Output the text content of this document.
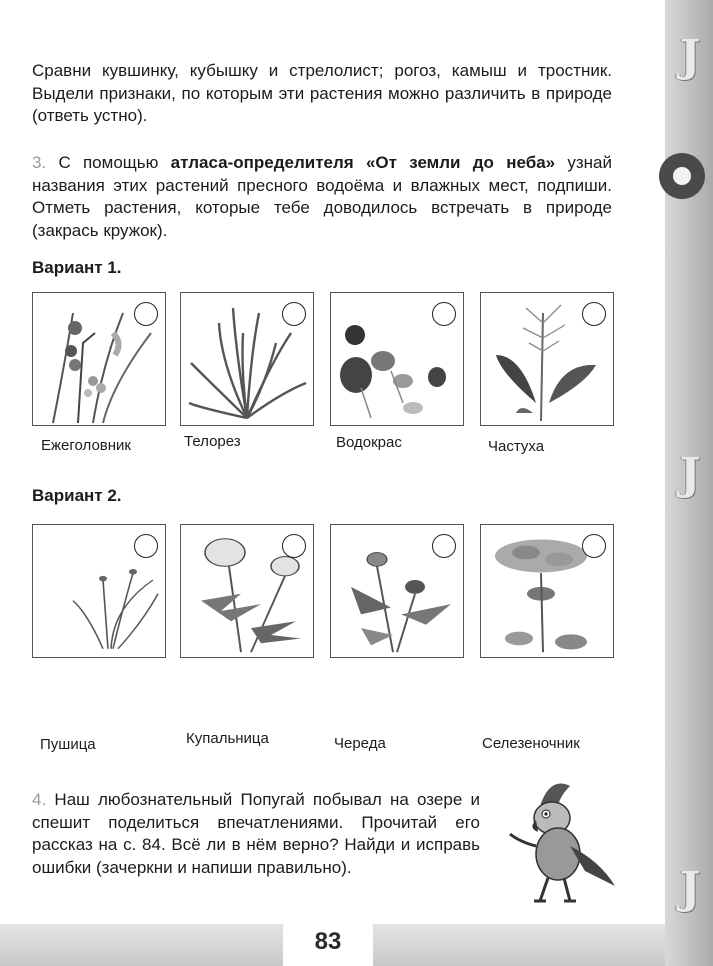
J
J
J

Сравни кувшинку, кубышку и стрелолист; рогоз, камыш и тростник. Выдели признаки, по которым эти растения можно различить в природе (ответь устно).

3. С помощью атласа-определителя «От земли до неба» узнай названия этих растений пресного водоёма и влажных мест, подпиши. Отметь растения, которые тебе доводилось встречать в природе (закрась кружок).

Вариант 1.
Ежеголовник	Телорез	Водокрас	Частуха
Вариант 2.
Пушица	Купальница	Череда	Селезеночник

4. Наш любознательный Попугай побывал на озере и спешит поделиться впечатлениями. Прочитай его рассказ на с. 84. Всё ли в нём верно? Найди и исправь ошибки (зачеркни и напиши правильно).

83
